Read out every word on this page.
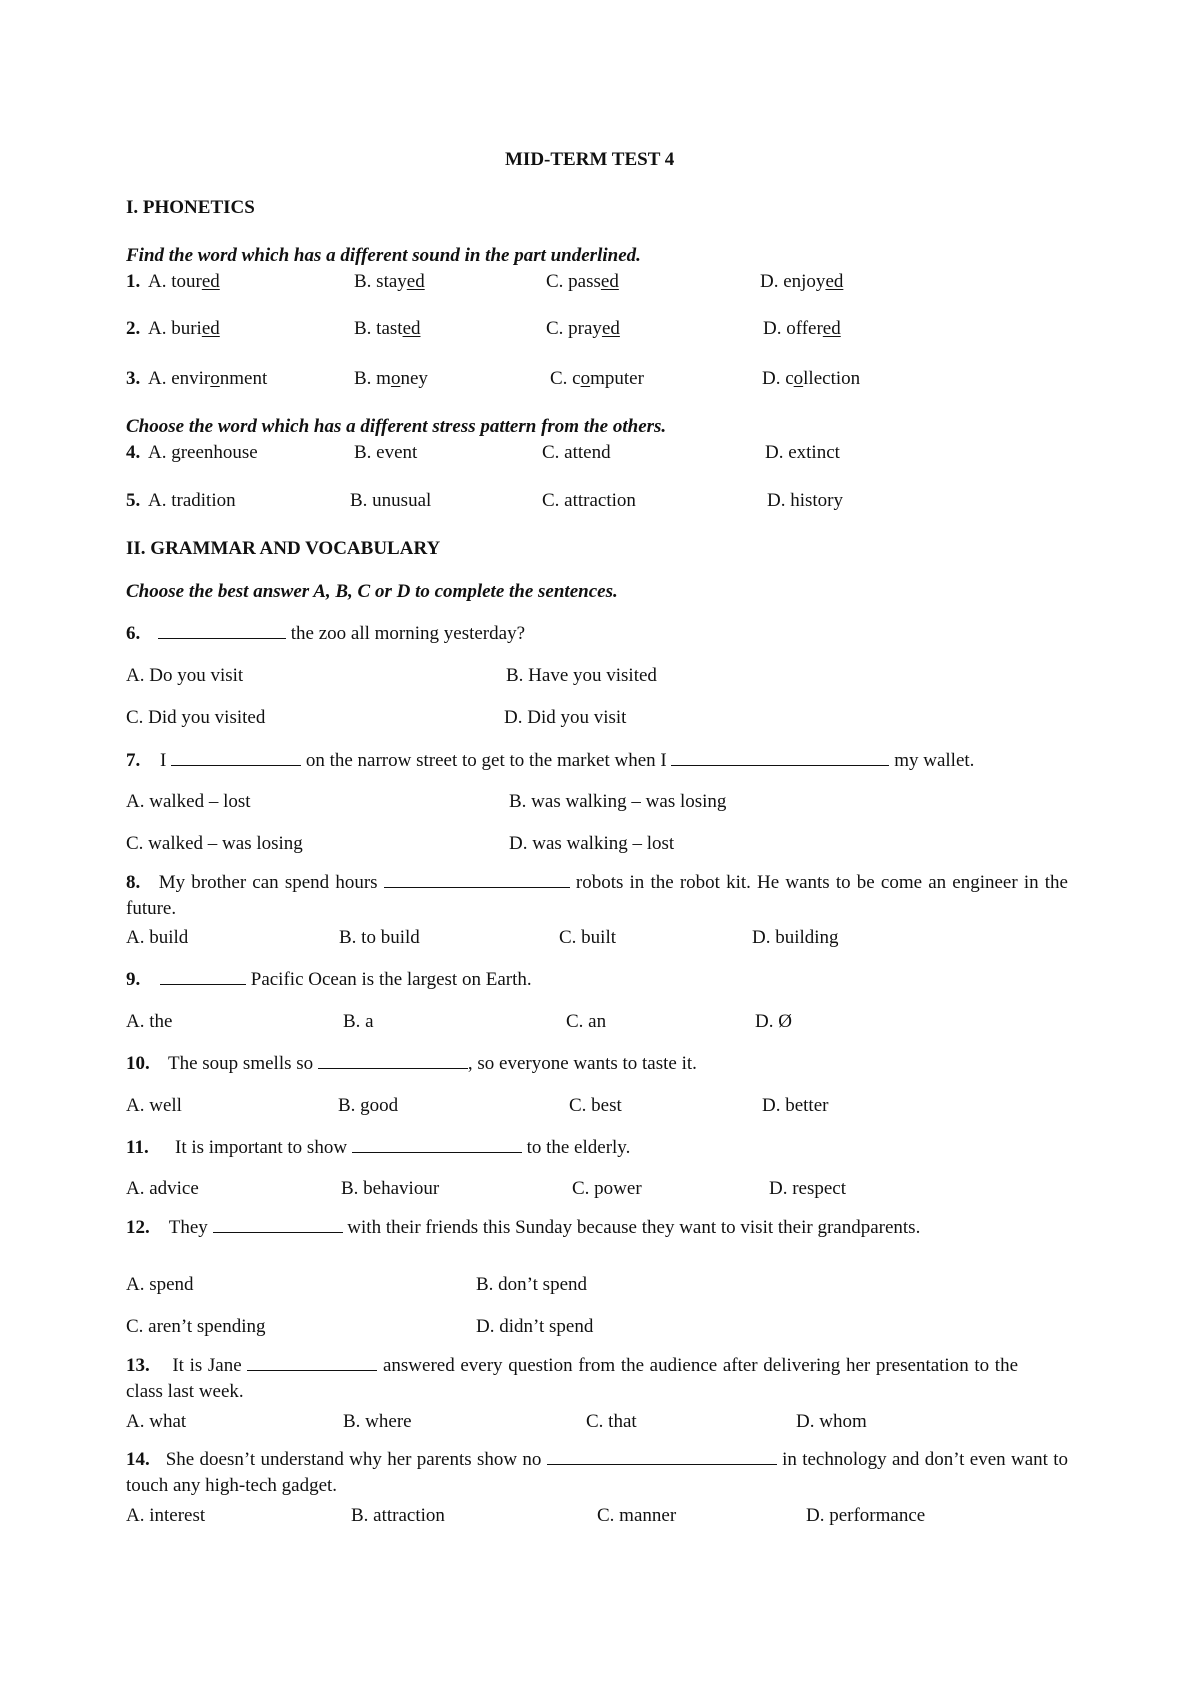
MID-TERM TEST 4
I. PHONETICS
Find the word which has a different sound in the part underlined.
1. A. toured	B. stayed	C. passed	D. enjoyed
2. A. buried	B. tasted	C. prayed	D. offered
3. A. environment	B. money	C. computer	D. collection
Choose the word which has a different stress pattern from the others.
4. A. greenhouse	B. event	C. attend	D. extinct
5. A. tradition	B. unusual	C. attraction	D. history
II. GRAMMAR AND VOCABULARY
Choose the best answer A, B, C or D to complete the sentences.
6.	the zoo all morning yesterday?
A. Do you visit	B. Have you visited
C. Did you visited	D. Did you visit
7. I	on the narrow street to get to the market when I	my wallet.
A. walked – lost	B. was walking – was losing
C. walked – was losing	D. was walking – lost
8. My brother can spend hours	robots in the robot kit. He wants to be come an engineer in the future.
A. build	B. to build	C. built	D. building
9.	Pacific Ocean is the largest on Earth.
A. the	B. a	C. an	D. Ø
10. The soup smells so	, so everyone wants to taste it.
A. well	B. good	C. best	D. better
11. It is important to show	to the elderly.
A. advice	B. behaviour	C. power	D. respect
12. They	with their friends this Sunday because they want to visit their grandparents.
A. spend	B. don’t spend
C. aren’t spending	D. didn’t spend
13. It is Jane	answered every question from the audience after delivering her presentation to the class last week.
A. what	B. where	C. that	D. whom
14. She doesn’t understand why her parents show no	in technology and don’t even want to touch any high-tech gadget.
A. interest	B. attraction	C. manner	D. performance
